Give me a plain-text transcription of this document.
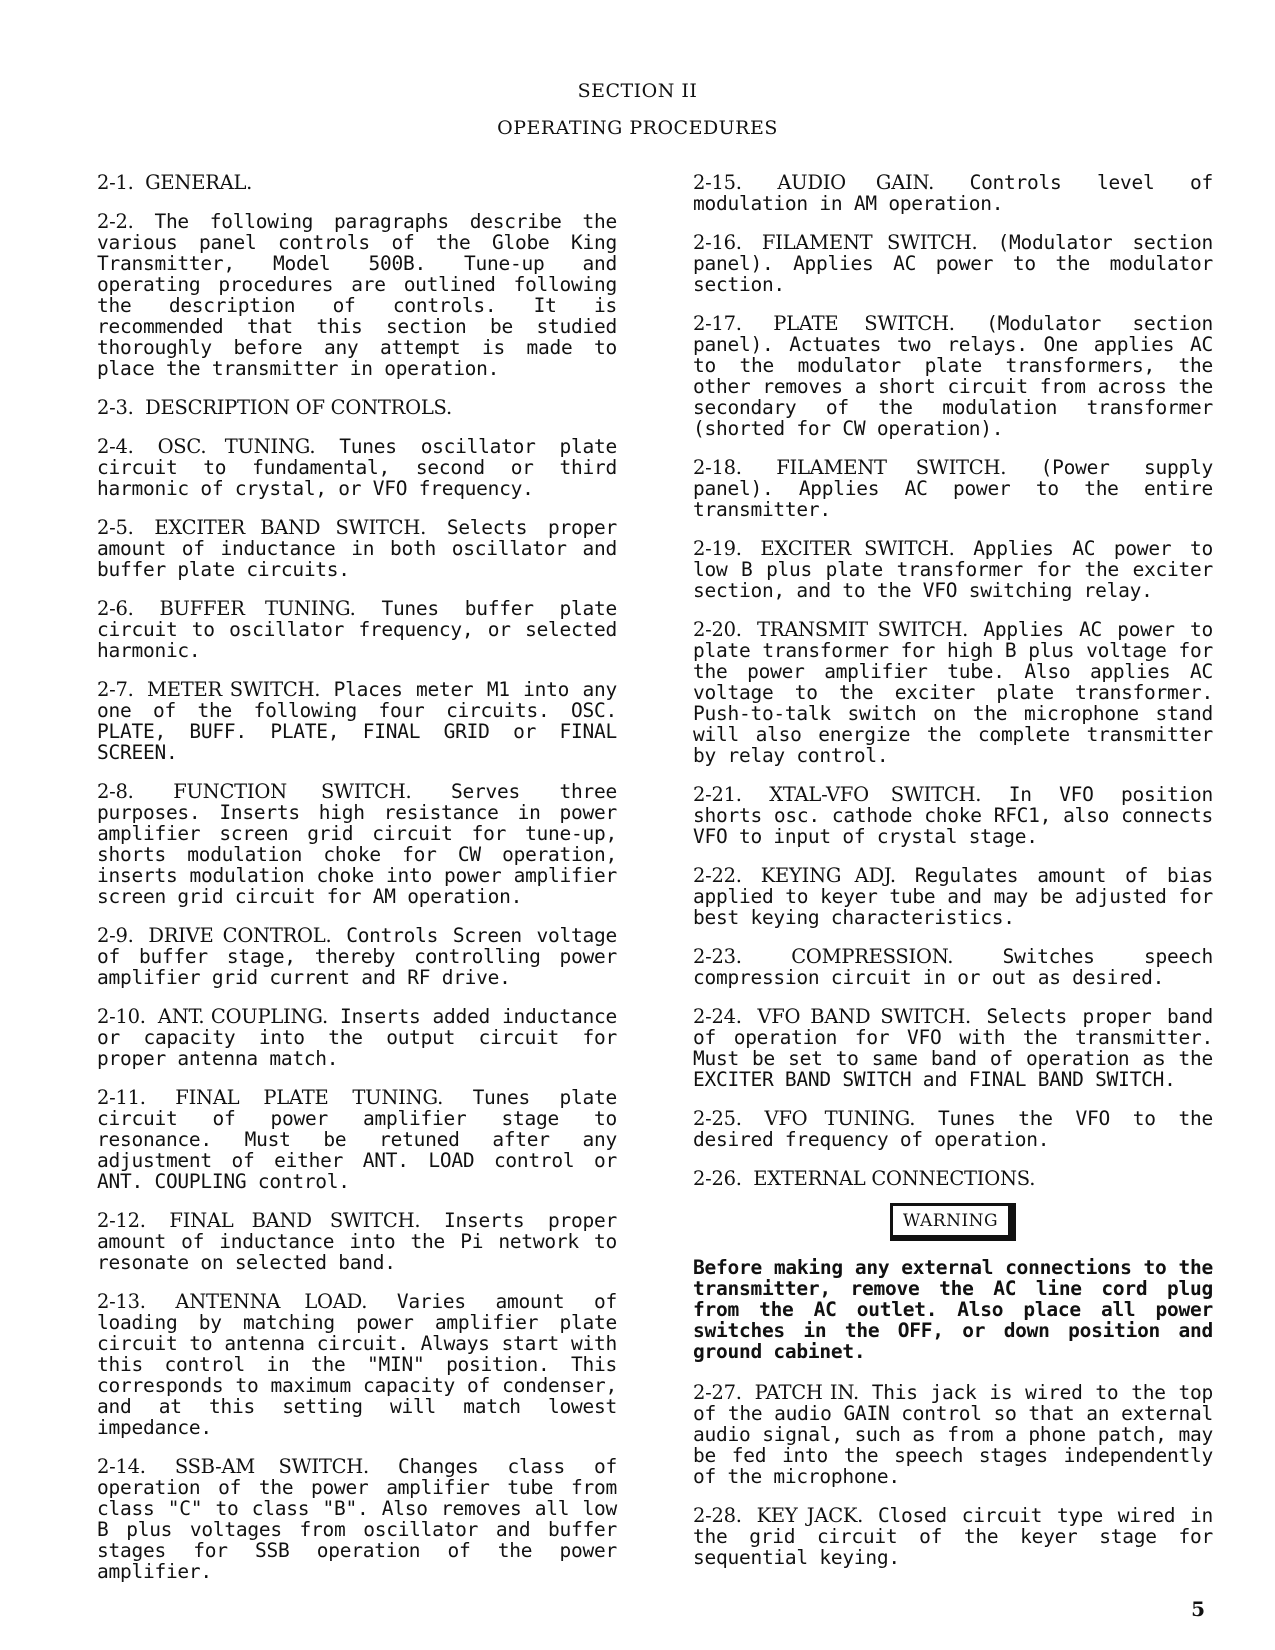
SECTION II
OPERATING PROCEDURES

2-1. GENERAL.

2-2. The following paragraphs describe the various panel controls of the Globe King Transmitter, Model 500B. Tune-up and operating procedures are outlined following the description of controls. It is recommended that this section be studied thoroughly before any attempt is made to place the transmitter in operation.

2-3. DESCRIPTION OF CONTROLS.

2-4. OSC. TUNING. Tunes oscillator plate circuit to fundamental, second or third harmonic of crystal, or VFO frequency.

2-5. EXCITER BAND SWITCH. Selects proper amount of inductance in both oscillator and buffer plate circuits.

2-6. BUFFER TUNING. Tunes buffer plate circuit to oscillator frequency, or selected harmonic.

2-7. METER SWITCH. Places meter M1 into any one of the following four circuits. OSC. PLATE, BUFF. PLATE, FINAL GRID or FINAL SCREEN.

2-8. FUNCTION SWITCH. Serves three purposes. Inserts high resistance in power amplifier screen grid circuit for tune-up, shorts modulation choke for CW operation, inserts modulation choke into power amplifier screen grid circuit for AM operation.

2-9. DRIVE CONTROL. Controls Screen voltage of buffer stage, thereby controlling power amplifier grid current and RF drive.

2-10. ANT. COUPLING. Inserts added inductance or capacity into the output circuit for proper antenna match.

2-11. FINAL PLATE TUNING. Tunes plate circuit of power amplifier stage to resonance. Must be retuned after any adjustment of either ANT. LOAD control or ANT. COUPLING control.

2-12. FINAL BAND SWITCH. Inserts proper amount of inductance into the Pi network to resonate on selected band.

2-13. ANTENNA LOAD. Varies amount of loading by matching power amplifier plate circuit to antenna circuit. Always start with this control in the "MIN" position. This corresponds to maximum capacity of condenser, and at this setting will match lowest impedance.

2-14. SSB-AM SWITCH. Changes class of operation of the power amplifier tube from class "C" to class "B". Also removes all low B plus voltages from oscillator and buffer stages for SSB operation of the power amplifier.

2-15. AUDIO GAIN. Controls level of modulation in AM operation.

2-16. FILAMENT SWITCH. (Modulator section panel). Applies AC power to the modulator section.

2-17. PLATE SWITCH. (Modulator section panel). Actuates two relays. One applies AC to the modulator plate transformers, the other removes a short circuit from across the secondary of the modulation transformer (shorted for CW operation).

2-18. FILAMENT SWITCH. (Power supply panel). Applies AC power to the entire transmitter.

2-19. EXCITER SWITCH. Applies AC power to low B plus plate transformer for the exciter section, and to the VFO switching relay.

2-20. TRANSMIT SWITCH. Applies AC power to plate transformer for high B plus voltage for the power amplifier tube. Also applies AC voltage to the exciter plate transformer. Push-to-talk switch on the microphone stand will also energize the complete transmitter by relay control.

2-21. XTAL-VFO SWITCH. In VFO position shorts osc. cathode choke RFC1, also connects VFO to input of crystal stage.

2-22. KEYING ADJ. Regulates amount of bias applied to keyer tube and may be adjusted for best keying characteristics.

2-23.	COMPRESSION.	Switches speech compression circuit in or out as desired.

2-24. VFO BAND SWITCH. Selects proper band of operation for VFO with the transmitter. Must be set to same band of operation as the EXCITER BAND SWITCH and FINAL BAND SWITCH.

2-25. VFO TUNING. Tunes the VFO to the desired frequency of operation.

2-26. EXTERNAL CONNECTIONS.

WARNING

Before making any external connections to the transmitter, remove the AC line cord plug from the AC outlet. Also place all power switches in the OFF, or down position and ground cabinet.

2-27. PATCH IN. This jack is wired to the top of the audio GAIN control so that an external audio signal, such as from a phone patch, may be fed into the speech stages independently of the microphone.

2-28. KEY JACK. Closed circuit type wired in the grid circuit of the keyer stage for sequential keying.

5
